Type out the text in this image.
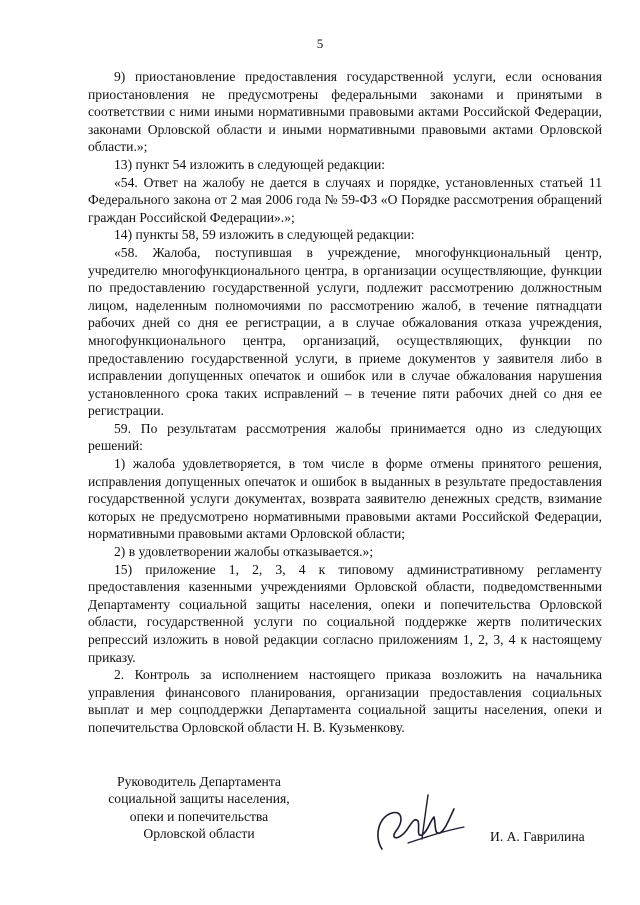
5

9) приостановление предоставления государственной услуги, если основания приостановления не предусмотрены федеральными законами и принятыми в соответствии с ними иными нормативными правовыми актами Российской Федерации, законами Орловской области и иными нормативными правовыми актами Орловской области.»;

13) пункт 54 изложить в следующей редакции:

«54. Ответ на жалобу не дается в случаях и порядке, установленных статьей 11 Федерального закона от 2 мая 2006 года № 59-ФЗ «О Порядке рассмотрения обращений граждан Российской Федерации».»;

14) пункты 58, 59 изложить в следующей редакции:

«58. Жалоба, поступившая в учреждение, многофункциональный центр, учредителю многофункционального центра, в организации осуществляющие, функции по предоставлению государственной услуги, подлежит рассмотрению должностным лицом, наделенным полномочиями по рассмотрению жалоб, в течение пятнадцати рабочих дней со дня ее регистрации, а в случае обжалования отказа учреждения, многофункционального центра, организаций, осуществляющих, функции по предоставлению государственной услуги, в приеме документов у заявителя либо в исправлении допущенных опечаток и ошибок или в случае обжалования нарушения установленного срока таких исправлений – в течение пяти рабочих дней со дня ее регистрации.

59. По результатам рассмотрения жалобы принимается одно из следующих решений:

1) жалоба удовлетворяется, в том числе в форме отмены принятого решения, исправления допущенных опечаток и ошибок в выданных в результате предоставления государственной услуги документах, возврата заявителю денежных средств, взимание которых не предусмотрено нормативными правовыми актами Российской Федерации, нормативными правовыми актами Орловской области;

2) в удовлетворении жалобы отказывается.»;

15) приложение 1, 2, 3, 4 к типовому административному регламенту предоставления казенными учреждениями Орловской области, подведомственными Департаменту социальной защиты населения, опеки и попечительства Орловской области, государственной услуги по социальной поддержке жертв политических репрессий изложить в новой редакции согласно приложениям 1, 2, 3, 4 к настоящему приказу.

2. Контроль за исполнением настоящего приказа возложить на начальника управления финансового планирования, организации предоставления социальных выплат и мер соцподдержки Департамента социальной защиты населения, опеки и попечительства Орловской области Н. В. Кузьменкову.

Руководитель Департамента
социальной защиты населения,
опеки и попечительства
Орловской области	И. А. Гаврилина
